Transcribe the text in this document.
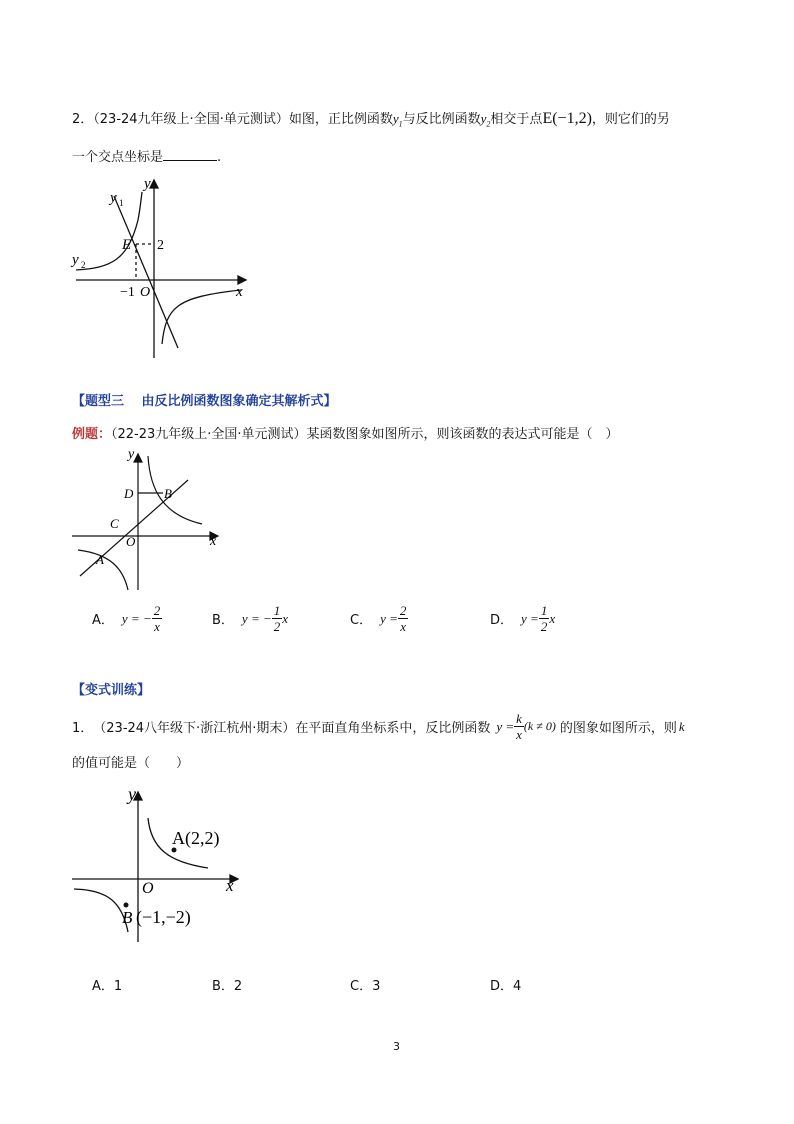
2．（23-24九年级上·全国·单元测试）如图，正比例函数$y_1$与反比例函数$y_2$相交于点E(−1,2)，则它们的另
一个交点坐标是	.
y
x
y 1
y 2
E 2
−1 O
【题型三　 由反比例函数图象确定其解析式】
例题：（22-23九年级上·全国·单元测试）某函数图象如图所示，则该函数的表达式可能是（　）
y
x
D B
C
O
A
A． y = − $\frac{2}{x}$	B． y = − $\frac{1}{2}$ x	C． $y = \frac{2}{x}$	D． $y = \frac{1}{2}$ x
【变式训练】
1． （23-24八年级下·浙江杭州·期末）在平面直角坐标系中，反比例函数 $y = \frac{k}{x} (k \ne 0)$ 的图象如图所示，则 k
的值可能是（　　）
y
x
O
A(2,2)
B (−1,−2)
A．1	B．2	C．3	D．4
3
